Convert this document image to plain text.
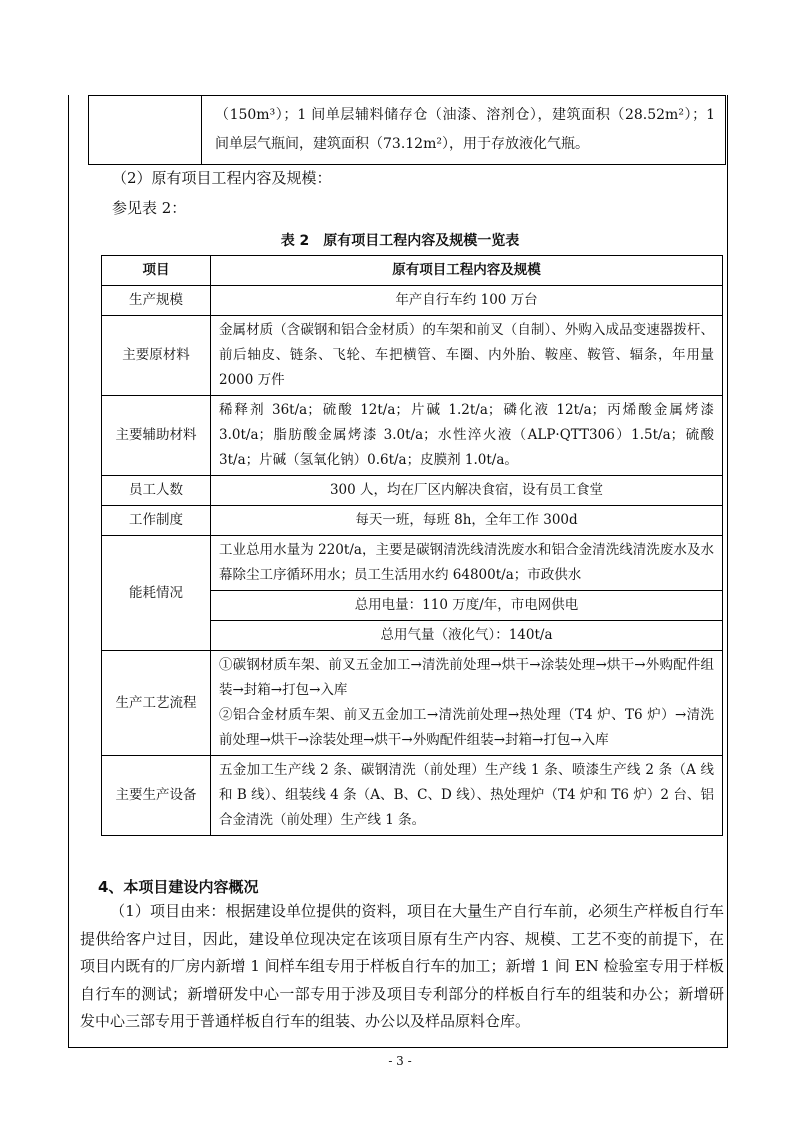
（150m³）；1 间单层辅料储存仓（油漆、溶剂仓），建筑面积（28.52m²）；1 间单层气瓶间，建筑面积（73.12m²），用于存放液化气瓶。
（2）原有项目工程内容及规模：
参见表 2：
表 2　原有项目工程内容及规模一览表
项目	原有项目工程内容及规模
生产规模	年产自行车约 100 万台
主要原材料	金属材质（含碳钢和铝合金材质）的车架和前叉（自制）、外购入成品变速器拨杆、前后轴皮、链条、飞轮、车把横管、车圈、内外胎、鞍座、鞍管、辐条，年用量 2000 万件
主要辅助材料	稀释剂 36t/a；硫酸 12t/a；片碱 1.2t/a；磷化液 12t/a；丙烯酸金属烤漆 3.0t/a；脂肪酸金属烤漆 3.0t/a；水性淬火液（ALP·QTT306）1.5t/a；硫酸 3t/a；片碱（氢氧化钠）0.6t/a；皮膜剂 1.0t/a。
员工人数	300 人，均在厂区内解决食宿，设有员工食堂
工作制度	每天一班，每班 8h，全年工作 300d
能耗情况	工业总用水量为 220t/a，主要是碳钢清洗线清洗废水和铝合金清洗线清洗废水及水幕除尘工序循环用水；员工生活用水约 64800t/a；市政供水
	总用电量：110 万度/年，市电网供电
	总用气量（液化气）：140t/a
生产工艺流程	①碳钢材质车架、前叉五金加工→清洗前处理→烘干→涂装处理→烘干→外购配件组装→封箱→打包→入库
②铝合金材质车架、前叉五金加工→清洗前处理→热处理（T4 炉、T6 炉）→清洗前处理→烘干→涂装处理→烘干→外购配件组装→封箱→打包→入库

主要生产设备	五金加工生产线 2 条、碳钢清洗（前处理）生产线 1 条、喷漆生产线 2 条（A 线和 B 线）、组装线 4 条（A、B、C、D 线）、热处理炉（T4 炉和 T6 炉）2 台、铝合金清洗（前处理）生产线 1 条。
4、本项目建设内容概况
（1）项目由来：根据建设单位提供的资料，项目在大量生产自行车前，必须生产样板自行车提供给客户过目，因此，建设单位现决定在该项目原有生产内容、规模、工艺不变的前提下，在项目内既有的厂房内新增 1 间样车组专用于样板自行车的加工；新增 1 间 EN 检验室专用于样板自行车的测试；新增研发中心一部专用于涉及项目专利部分的样板自行车的组装和办公；新增研发中心三部专用于普通样板自行车的组装、办公以及样品原料仓库。
- 3 -
